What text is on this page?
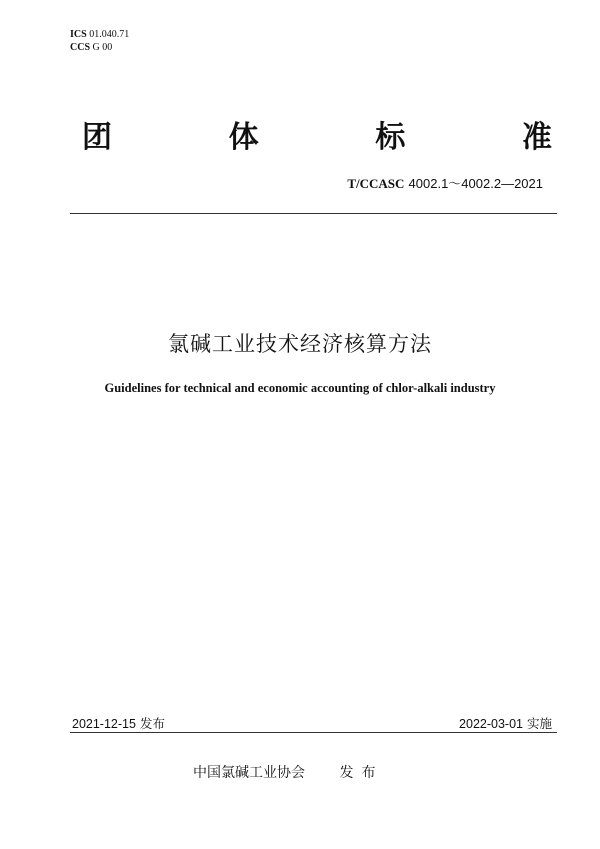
ICS 01.040.71
CCS G 00
团	体	标	准
T/CCASC 4002.1～4002.2—2021
氯碱工业技术经济核算方法
Guidelines for technical and economic accounting of chlor-alkali industry
2021-12-15 发布	2022-03-01 实施
中国氯碱工业协会 发布
